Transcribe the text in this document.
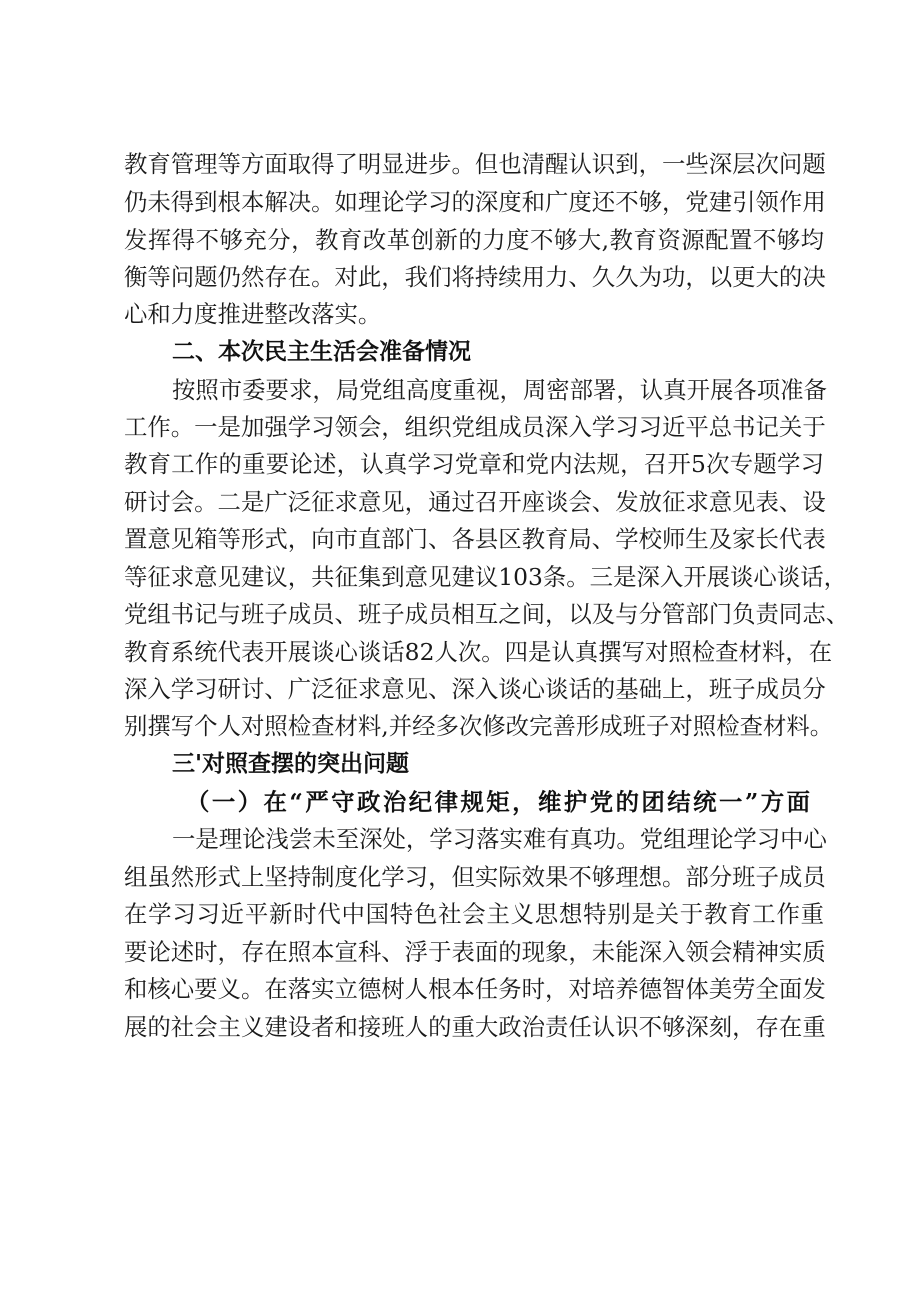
教育管理等方面取得了明显进步。但也清醒认识到，一些深层次问题
仍未得到根本解决。如理论学习的深度和广度还不够，党建引领作用
发挥得不够充分，教育改革创新的力度不够大,教育资源配置不够均
衡等问题仍然存在。对此，我们将持续用力、久久为功，以更大的决
心和力度推进整改落实。
二、本次民主生活会准备情况
按照市委要求，局党组高度重视，周密部署，认真开展各项准备
工作。一是加强学习领会，组织党组成员深入学习习近平总书记关于
教育工作的重要论述，认真学习党章和党内法规，召开5次专题学习
研讨会。二是广泛征求意见，通过召开座谈会、发放征求意见表、设
置意见箱等形式，向市直部门、各县区教育局、学校师生及家长代表
等征求意见建议，共征集到意见建议103条。三是深入开展谈心谈话，
党组书记与班子成员、班子成员相互之间，以及与分管部门负责同志、
教育系统代表开展谈心谈话82人次。四是认真撰写对照检查材料，在
深入学习研讨、广泛征求意见、深入谈心谈话的基础上，班子成员分
别撰写个人对照检查材料,并经多次修改完善形成班子对照检查材料。
三'对照查摆的突出问题
（一）在“严守政治纪律规矩，维护党的团结统一”方面
一是理论浅尝未至深处，学习落实难有真功。党组理论学习中心
组虽然形式上坚持制度化学习，但实际效果不够理想。部分班子成员
在学习习近平新时代中国特色社会主义思想特别是关于教育工作重
要论述时，存在照本宣科、浮于表面的现象，未能深入领会精神实质
和核心要义。在落实立德树人根本任务时，对培养德智体美劳全面发
展的社会主义建设者和接班人的重大政治责任认识不够深刻，存在重
